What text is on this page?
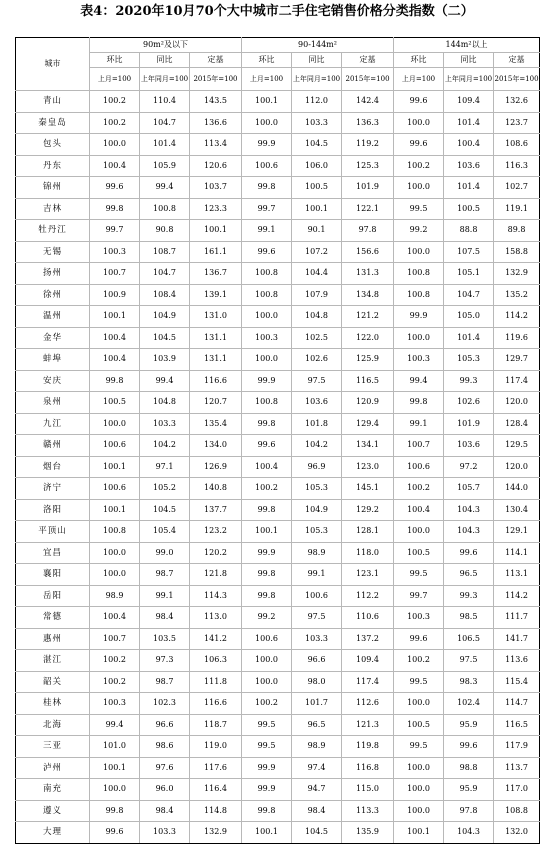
表4：2020年10月70个大中城市二手住宅销售价格分类指数（二）
城市	90m²及以下			90-144m²			144m²以上		
	环比	同比	定基	环比	同比	定基	环比	同比	定基
	上月=100	上年同月=100	2015年=100	上月=100	上年同月=100	2015年=100	上月=100	上年同月=100	2015年=100
青山	100.2	110.4	143.5	100.1	112.0	142.4	99.6	109.4	132.6
秦皇岛	100.2	104.7	136.6	100.0	103.3	136.3	100.0	101.4	123.7
包头	100.0	101.4	113.4	99.9	104.5	119.2	99.6	100.4	108.6
丹东	100.4	105.9	120.6	100.6	106.0	125.3	100.2	103.6	116.3
锦州	99.6	99.4	103.7	99.8	100.5	101.9	100.0	101.4	102.7
吉林	99.8	100.8	123.3	99.7	100.1	122.1	99.5	100.5	119.1
牡丹江	99.7	90.8	100.1	99.1	90.1	97.8	99.2	88.8	89.8
无锡	100.3	108.7	161.1	99.6	107.2	156.6	100.0	107.5	158.8
扬州	100.7	104.7	136.7	100.8	104.4	131.3	100.8	105.1	132.9
徐州	100.9	108.4	139.1	100.8	107.9	134.8	100.8	104.7	135.2
温州	100.1	104.9	131.0	100.0	104.8	121.2	99.9	105.0	114.2
金华	100.4	104.5	131.1	100.3	102.5	122.0	100.0	101.4	119.6
蚌埠	100.4	103.9	131.1	100.0	102.6	125.9	100.3	105.3	129.7
安庆	99.8	99.4	116.6	99.9	97.5	116.5	99.4	99.3	117.4
泉州	100.5	104.8	120.7	100.8	103.6	120.9	99.8	102.6	120.0
九江	100.0	103.3	135.4	99.8	101.8	129.4	99.1	101.9	128.4
赣州	100.6	104.2	134.0	99.6	104.2	134.1	100.7	103.6	129.5
烟台	100.1	97.1	126.9	100.4	96.9	123.0	100.6	97.2	120.0
济宁	100.6	105.2	140.8	100.2	105.3	145.1	100.2	105.7	144.0
洛阳	100.1	104.5	137.7	99.8	104.9	129.2	100.4	104.3	130.4
平顶山	100.8	105.4	123.2	100.1	105.3	128.1	100.0	104.3	129.1
宜昌	100.0	99.0	120.2	99.9	98.9	118.0	100.5	99.6	114.1
襄阳	100.0	98.7	121.8	99.8	99.1	123.1	99.5	96.5	113.1
岳阳	98.9	99.1	114.3	99.8	100.6	112.2	99.7	99.3	114.2
常德	100.4	98.4	113.0	99.2	97.5	110.6	100.3	98.5	111.7
惠州	100.7	103.5	141.2	100.6	103.3	137.2	99.6	106.5	141.7
湛江	100.2	97.3	106.3	100.0	96.6	109.4	100.2	97.5	113.6
韶关	100.2	98.7	111.8	100.0	98.0	117.4	99.5	98.3	115.4
桂林	100.3	102.3	116.6	100.2	101.7	112.6	100.0	102.4	114.7
北海	99.4	96.6	118.7	99.5	96.5	121.3	100.5	95.9	116.5
三亚	101.0	98.6	119.0	99.5	98.9	119.8	99.5	99.6	117.9
泸州	100.1	97.6	117.6	99.9	97.4	116.8	100.0	98.8	113.7
南充	100.0	96.0	116.4	99.9	94.7	115.0	100.0	95.9	117.0
遵义	99.8	98.4	114.8	99.8	98.4	113.3	100.0	97.8	108.8
大理	99.6	103.3	132.9	100.1	104.5	135.9	100.1	104.3	132.0
